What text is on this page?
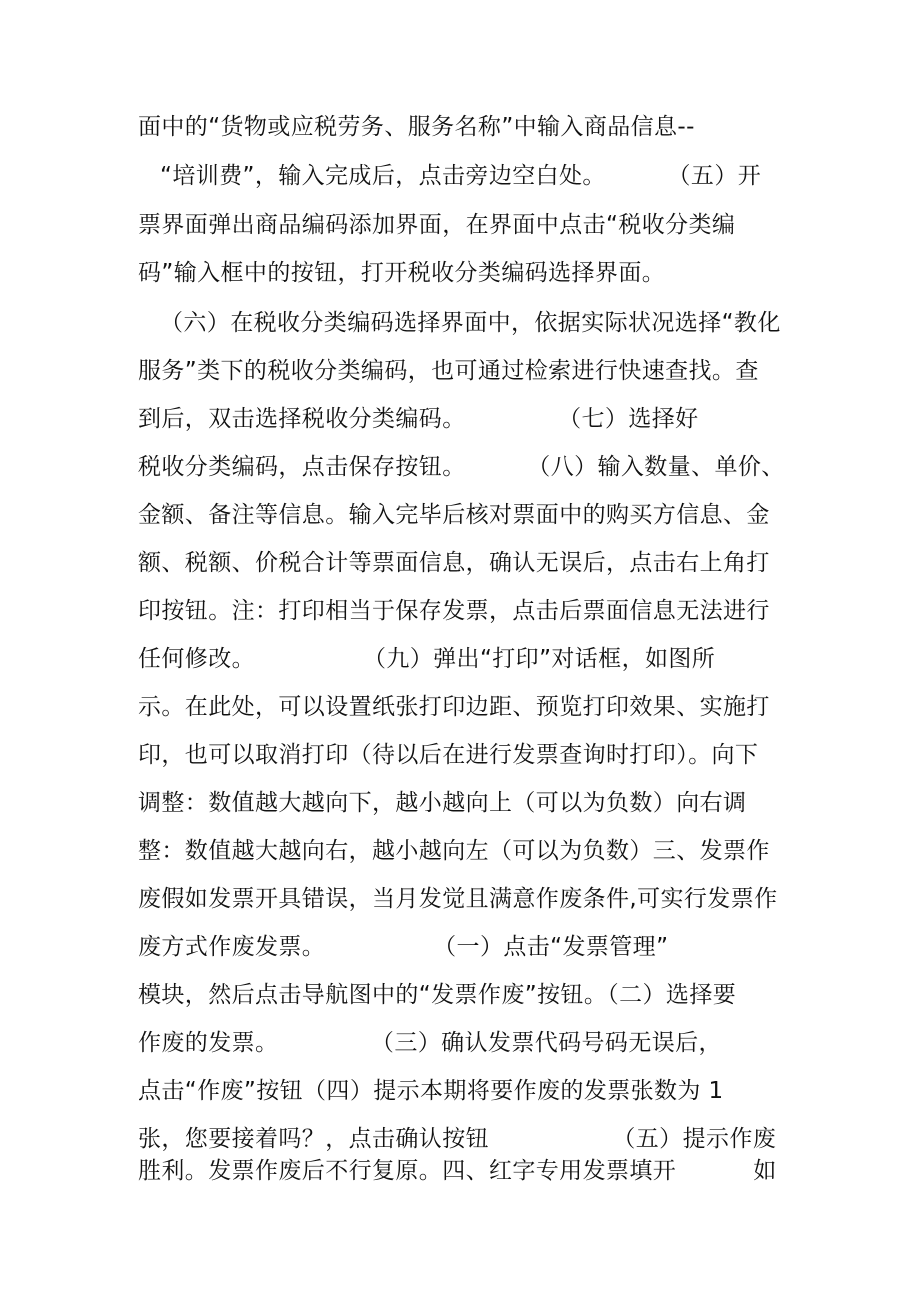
面中的“货物或应税劳务、服务名称”中输入商品信息--
“培训费”，输入完成后，点击旁边空白处。        （五）开
票界面弹出商品编码添加界面，在界面中点击“税收分类编
码”输入框中的按钮，打开税收分类编码选择界面。
（六）在税收分类编码选择界面中，依据实际状况选择“教化
服务”类下的税收分类编码，也可通过检索进行快速查找。查
到后，双击选择税收分类编码。            （七）选择好
税收分类编码，点击保存按钮。        （八）输入数量、单价、
金额、备注等信息。输入完毕后核对票面中的购买方信息、金
额、税额、价税合计等票面信息，确认无误后，点击右上角打
印按钮。注：打印相当于保存发票，点击后票面信息无法进行
任何修改。              （九）弹出“打印”对话框，如图所
示。在此处，可以设置纸张打印边距、预览打印效果、实施打
印，也可以取消打印（待以后在进行发票查询时打印）。向下
调整：数值越大越向下，越小越向上（可以为负数）向右调
整：数值越大越向右，越小越向左（可以为负数）三、发票作
废假如发票开具错误，当月发觉且满意作废条件,可实行发票作
废方式作废发票。              （一）点击“发票管理”
模块，然后点击导航图中的“发票作废”按钮。（二）选择要
作废的发票。            （三）确认发票代码号码无误后，
点击“作废”按钮（四）提示本期将要作废的发票张数为 1
张，您要接着吗？，点击确认按钮                （五）提示作废
胜利。发票作废后不行复原。四、红字专用发票填开          如
